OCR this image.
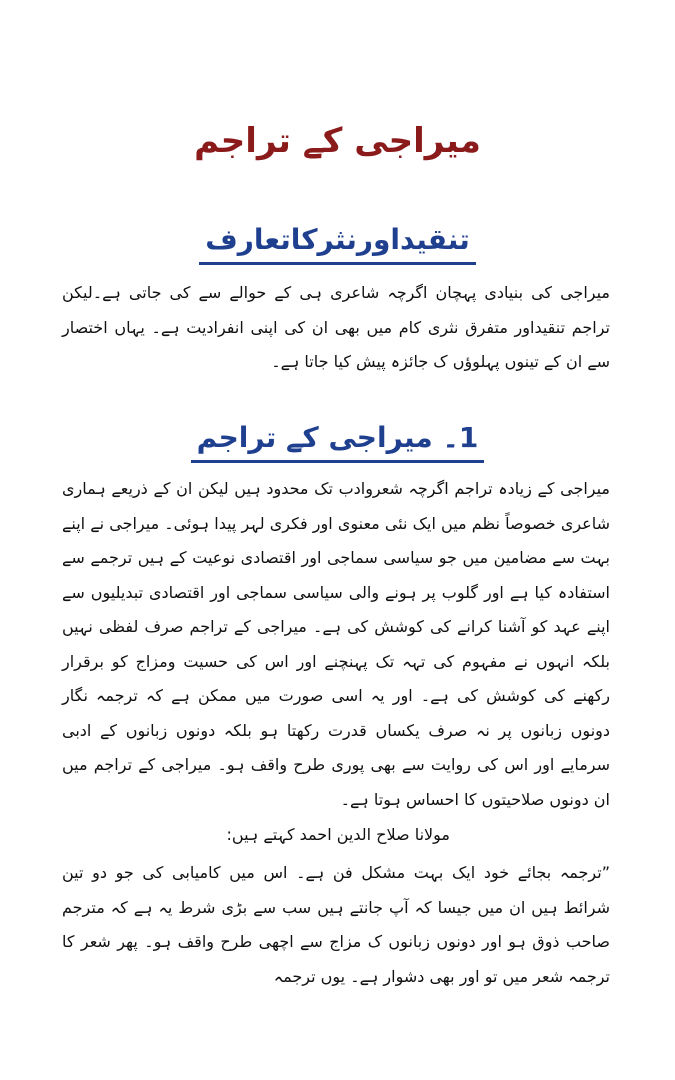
میراجی کے تراجم
تنقیداورنثرکاتعارف

میراجی کی بنیادی پہچان اگرچہ شاعری ہی کے حوالے سے کی جاتی ہے۔لیکن تراجم تنقیداور متفرق نثری کام میں بھی ان کی اپنی انفرادیت ہے۔ یہاں اختصار سے ان کے تینوں پہلوؤں ک جائزہ پیش کیا جاتا ہے۔

1۔ میراجی کے تراجم

میراجی کے زیادہ تراجم اگرچہ شعروادب تک محدود ہیں لیکن ان کے ذریعے ہماری شاعری خصوصاً نظم میں ایک نئی معنوی اور فکری لہر پیدا ہوئی۔ میراجی نے اپنے بہت سے مضامین میں جو سیاسی سماجی اور اقتصادی نوعیت کے ہیں ترجمے سے استفادہ کیا ہے اور گلوب پر ہونے والی سیاسی سماجی اور اقتصادی تبدیلیوں سے اپنے عہد کو آشنا کرانے کی کوشش کی ہے۔ میراجی کے تراجم صرف لفظی نہیں بلکہ انہوں نے مفہوم کی تہہ تک پہنچنے اور اس کی حسیت ومزاج کو برقرار رکھنے کی کوشش کی ہے۔ اور یہ اسی صورت میں ممکن ہے کہ ترجمہ نگار دونوں زبانوں پر نہ صرف یکساں قدرت رکھتا ہو بلکہ دونوں زبانوں کے ادبی سرمایے اور اس کی روایت سے بھی پوری طرح واقف ہو۔ میراجی کے تراجم میں ان دونوں صلاحیتوں کا احساس ہوتا ہے۔

مولانا صلاح الدین احمد کہتے ہیں:

”ترجمہ بجائے خود ایک بہت مشکل فن ہے۔ اس میں کامیابی کی جو دو تین شرائط ہیں ان میں جیسا کہ آپ جانتے ہیں سب سے بڑی شرط یہ ہے کہ مترجم صاحب ذوق ہو اور دونوں زبانوں ک مزاج سے اچھی طرح واقف ہو۔ پھر شعر کا ترجمہ شعر میں تو اور بھی دشوار ہے۔ یوں ترجمہ
